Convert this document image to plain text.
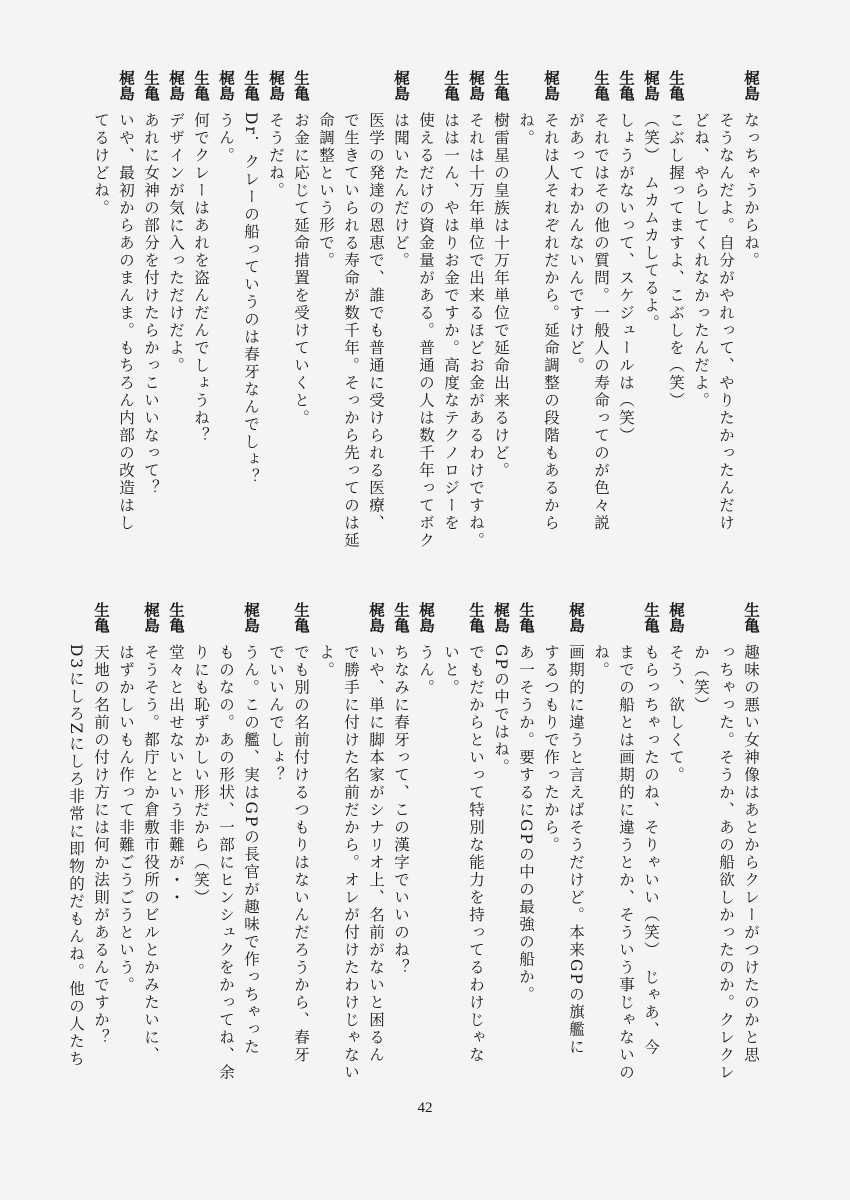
梶島
なっちゃうからね。
そうなんだよ。自分がやれって、やりたかったんだけ
どね、やらしてくれなかったんだよ。
生亀
こぶし握ってますよ、こぶしを（笑）
梶島
（笑）　ムカムカしてるよ。
生亀
しょうがないって、スケジュールは（笑）
生亀
それではその他の質問。一般人の寿命ってのが色々説
があってわかんないんですけど。
梶島
それは人それぞれだから。延命調整の段階もあるから
ね。
生亀
樹雷星の皇族は十万年単位で延命出来るけど。
梶島
それは十万年単位で出来るほどお金があるわけですね。
生亀
はは一ん、やはりお金ですか。高度なテクノロジーを
使えるだけの資金量がある。普通の人は数千年ってボク
梶島
は聞いたんだけど。
医学の発達の恩恵で、誰でも普通に受けられる医療、
で生きていられる寿命が数千年。そっから先ってのは延
命調整という形で。
生亀
お金に応じて延命措置を受けていくと。
梶島
そうだね。
生亀
Dr．クレーの船っていうのは春牙なんでしょ？
梶島
うん。
生亀
何でクレーはあれを盗んだんでしょうね？
梶島
デザインが気に入っただけだよ。
生亀
あれに女神の部分を付けたらかっこいいなって？
梶島
いや、最初からあのまんま。もちろん内部の改造はし
てるけどね。
生亀
趣味の悪い女神像はあとからクレーがつけたのかと思
っちゃった。そうか、あの船欲しかったのか。クレクレ
か（笑）
梶島
そう、欲しくて。
生亀
もらっちゃったのね、そりゃいい（笑）　じゃあ、今
までの船とは画期的に違うとか、そういう事じゃないの
ね。
梶島
画期的に違うと言えばそうだけど。本来GPの旗艦に
するつもりで作ったから。
生亀
あ一そうか。要するにGPの中の最強の船か。
梶島
GPの中ではね。
生亀
でもだからといって特別な能力を持ってるわけじゃな
いと。
梶島
うん。
生亀
ちなみに春牙って、この漢字でいいのね？
梶島
いや、単に脚本家がシナリオ上、名前がないと困るん
で勝手に付けた名前だから。オレが付けたわけじゃない
よ。
生亀
でも別の名前付けるつもりはないんだろうから、春牙
でいいんでしょ？
梶島
うん。この艦、実はGPの長官が趣味で作っちゃった
ものなの。あの形状、一部にヒンシュクをかってね、余
りにも恥ずかしい形だから（笑）
生亀
堂々と出せないという非難が・・
梶島
そうそう。都庁とか倉敷市役所のビルとかみたいに、
はずかしいもん作って非難ごうごうという。
生亀
天地の名前の付け方には何か法則があるんですか？
D3にしろZにしろ非常に即物的だもんね。他の人たち
42
